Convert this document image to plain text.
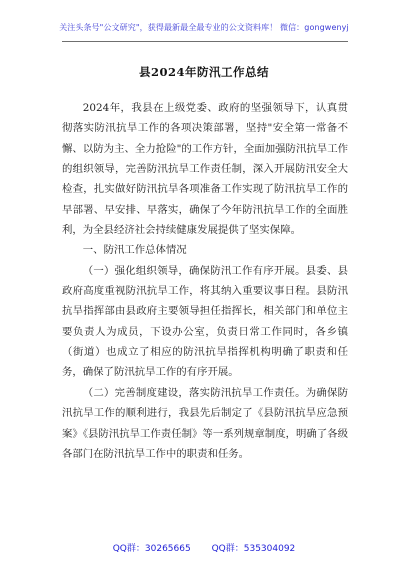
关注头条号"公文研究"，获得最新最全最专业的公文资料库！ 微信：gongwenyj
县2024年防汛工作总结

2024年，我县在上级党委、政府的坚强领导下，认真贯彻落实防汛抗旱工作的各项决策部署，坚持"安全第一常备不懈、以防为主、全力抢险"的工作方针，全面加强防汛抗旱工作的组织领导，完善防汛抗旱工作责任制，深入开展防汛安全大检查，扎实做好防汛抗旱各项准备工作实现了防汛抗旱工作的早部署、早安排、早落实，确保了今年防汛抗旱工作的全面胜利，为全县经济社会持续健康发展提供了坚实保障。

一、防汛工作总体情况

（一）强化组织领导，确保防汛工作有序开展。县委、县政府高度重视防汛抗旱工作，将其纳入重要议事日程。县防汛抗旱指挥部由县政府主要领导担任指挥长，相关部门和单位主要负责人为成员，下设办公室，负责日常工作同时，各乡镇（街道）也成立了相应的防汛抗旱指挥机构明确了职责和任务，确保了防汛抗旱工作的有序开展。

（二）完善制度建设，落实防汛抗旱工作责任。为确保防汛抗旱工作的顺利进行，我县先后制定了《县防汛抗旱应急预案》《县防汛抗旱工作责任制》等一系列规章制度，明确了各级各部门在防汛抗旱工作中的职责和任务。

QQ群：30265665 QQ群：535304092
